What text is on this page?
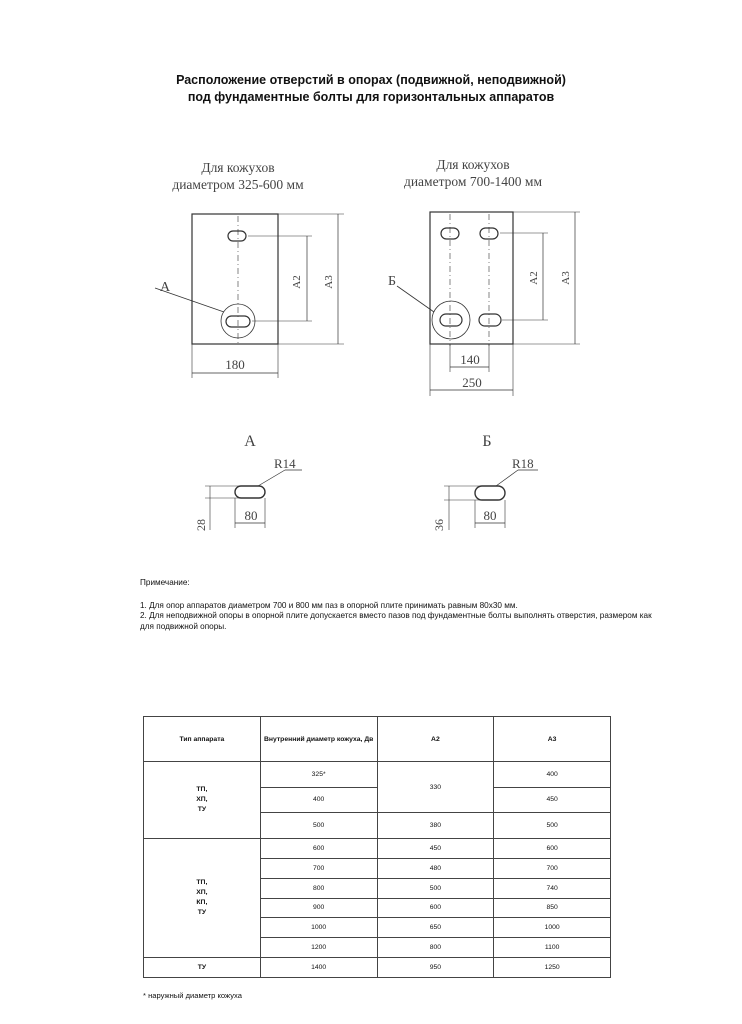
Расположение отверстий в опорах (подвижной, неподвижной)
под фундаментные болты для горизонтальных аппаратов
Для кожухов
диаметром 325-600 мм
A	A2 A3
180
Для кожухов
диаметром 700-1400 мм
Б	A2 A3
140
250
A
R14
80
28
Б
R18
80
36
Примечание:
1. Для опор аппаратов диаметром 700 и 800 мм паз в опорной плите принимать равным 80х30 мм.
2. Для неподвижной опоры в опорной плите допускается вместо пазов под фундаментные болты выполнять отверстия, размером как для подвижной опоры.
Тип аппарата	Внутренний диаметр кожуха, Дв	A2	A3

ТП,
ХП,
ТУ	325*	330	400
	400		450
	500	380	500

ТП,
ХП,
КП,
ТУ	600	450	600
	700	480	700
	800	500	740
	900	600	850
	1000	650	1000
	1200	800	1100
ТУ	1400	950	1250
* наружный диаметр кожуха
